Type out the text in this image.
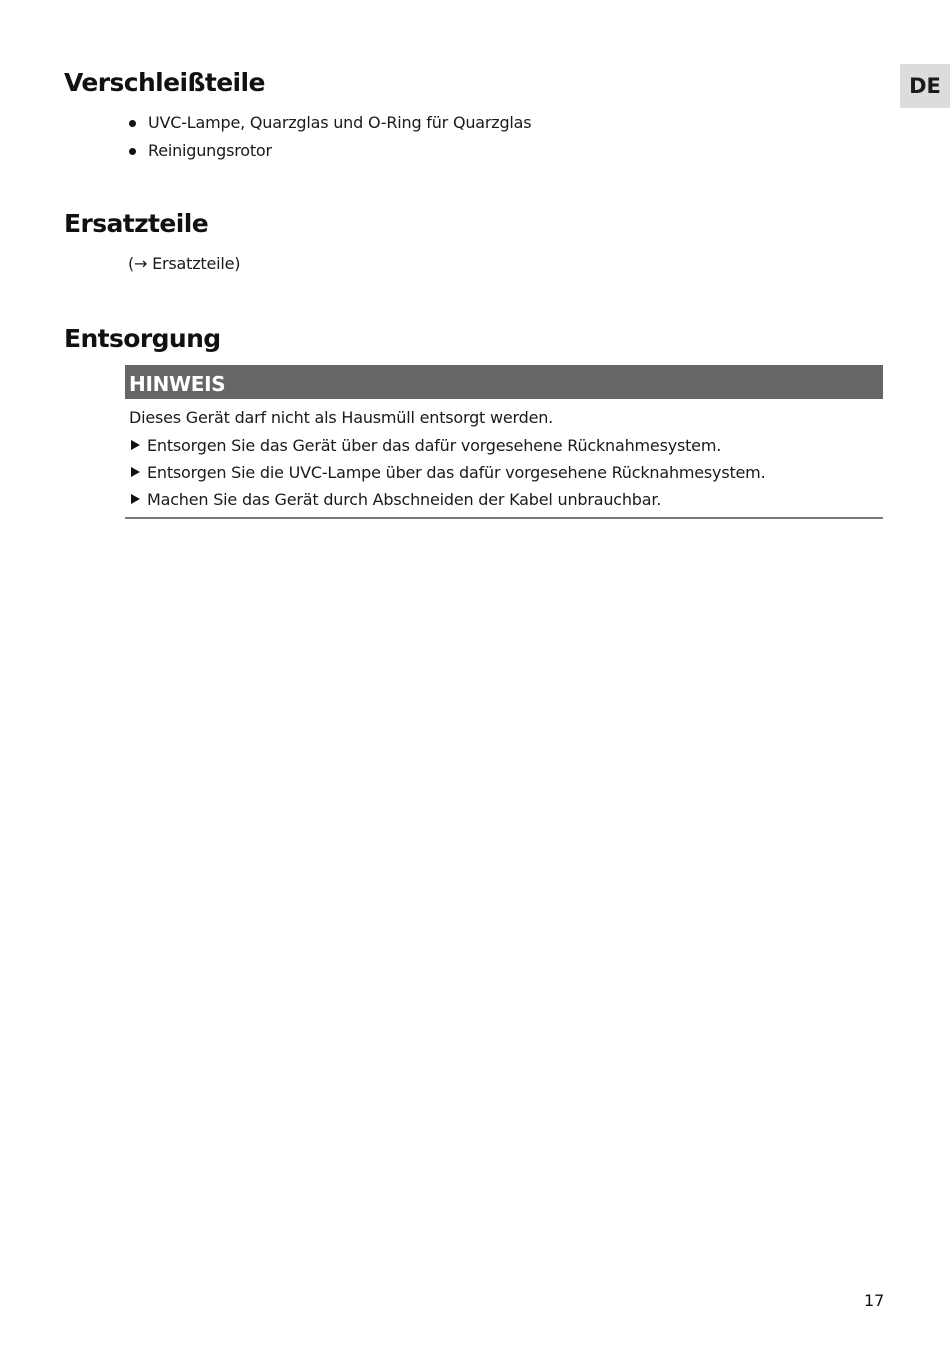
DE
Verschleißteile
UVC-Lampe, Quarzglas und O-Ring für Quarzglas
Reinigungsrotor
Ersatzteile
(→ Ersatzteile)
Entsorgung
HINWEIS
Dieses Gerät darf nicht als Hausmüll entsorgt werden.
Entsorgen Sie das Gerät über das dafür vorgesehene Rücknahmesystem.
Entsorgen Sie die UVC-Lampe über das dafür vorgesehene Rücknahmesystem.
Machen Sie das Gerät durch Abschneiden der Kabel unbrauchbar.
17
